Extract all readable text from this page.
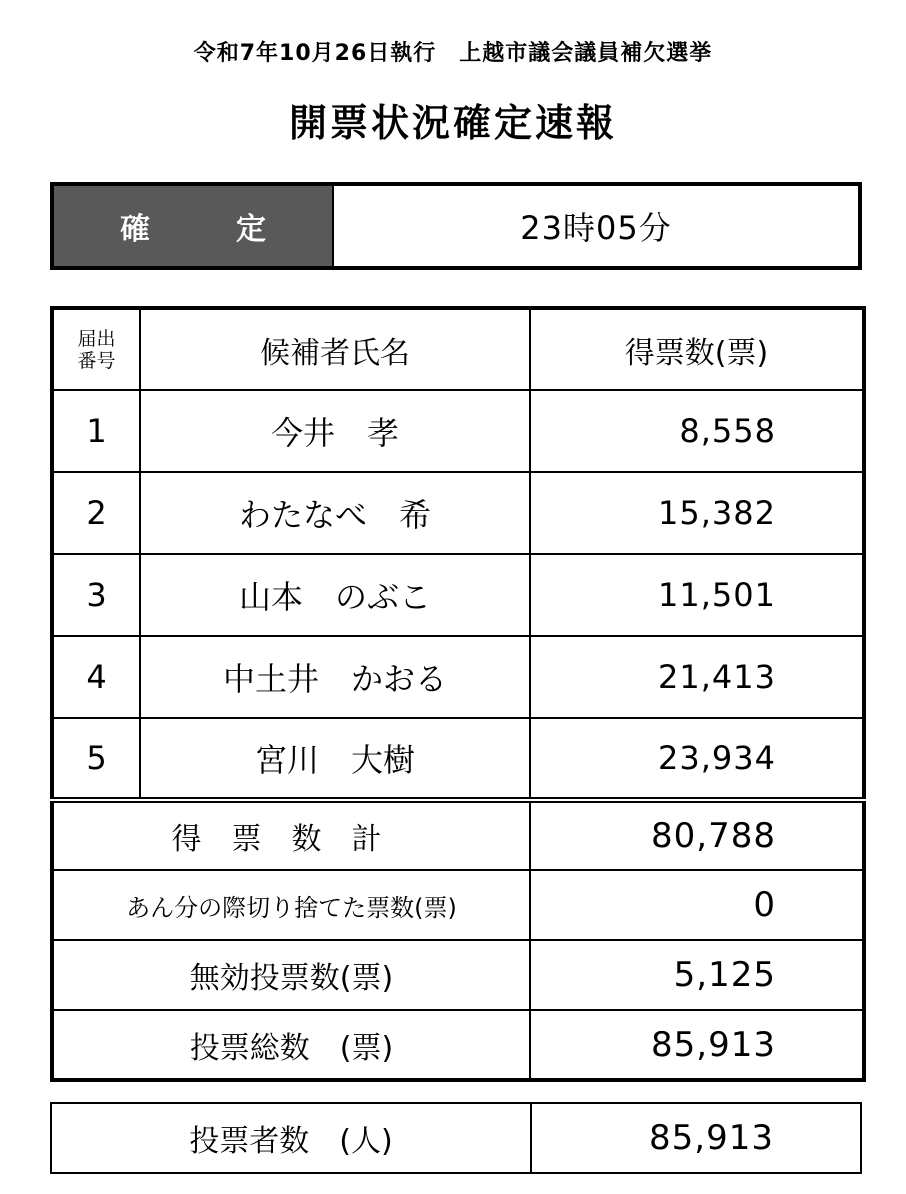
令和7年10月26日執行　上越市議会議員補欠選挙
開票状況確定速報
確　定	23時05分
届出
番号	候補者氏名	得票数(票)
1	今井　孝	8,558
2	わたなべ　希	15,382
3	山本　のぶこ	11,501
4	中土井　かおる	21,413
5	宮川　大樹	23,934
得票数計		80,788
あん分の際切り捨てた票数(票)		0
無効投票数(票)		5,125
投票総数　(票)		85,913
投票者数　(人)	85,913
